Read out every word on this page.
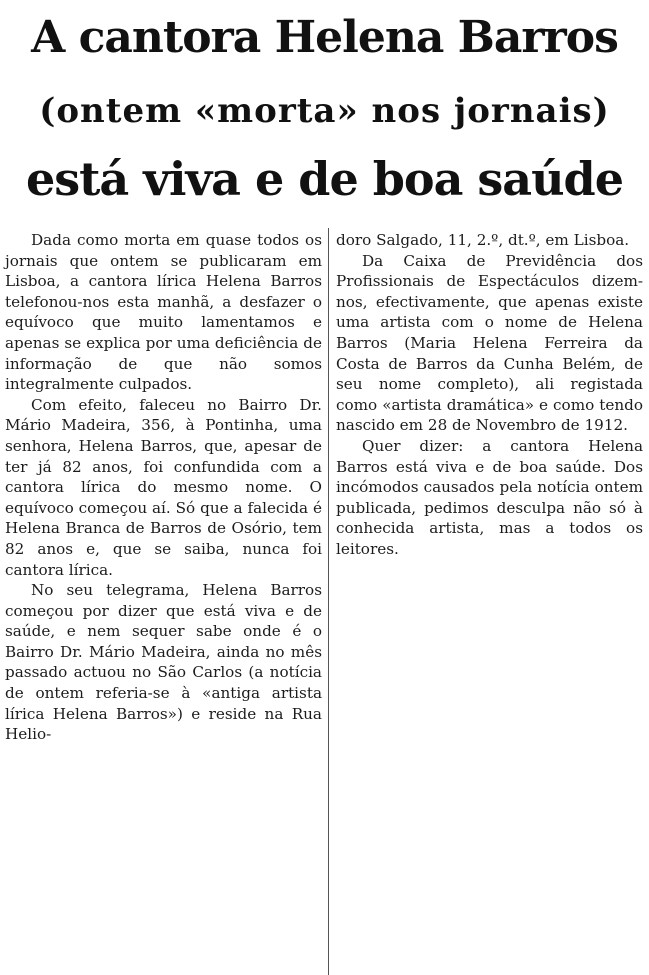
A cantora Helena Barros
(ontem «morta» nos jornais)
está viva e de boa saúde

Dada como morta em quase todos os jornais que ontem se publicaram em Lisboa, a cantora lírica Helena Barros telefonou-nos esta manhã, a desfazer o equívoco que muito lamentamos e apenas se explica por uma deficiência de informação de que não somos integralmente culpados.

Com efeito, faleceu no Bairro Dr. Mário Madeira, 356, à Pontinha, uma senhora, Helena Barros, que, apesar de ter já 82 anos, foi confundida com a cantora lírica do mesmo nome. O equívoco começou aí. Só que a falecida é Helena Branca de Barros de Osório, tem 82 anos e, que se saiba, nunca foi cantora lírica.

No seu telegrama, Helena Barros começou por dizer que está viva e de saúde, e nem sequer sabe onde é o Bairro Dr. Mário Madeira, ainda no mês passado actuou no São Carlos (a notícia de ontem referia-se à «antiga artista lírica Helena Barros») e reside na Rua Helio-

doro Salgado, 11, 2.º, dt.º, em Lisboa.

Da Caixa de Previdência dos Profissionais de Espectáculos dizem-nos, efectivamente, que apenas existe uma artista com o nome de Helena Barros (Maria Helena Ferreira da Costa de Barros da Cunha Belém, de seu nome completo), ali registada como «artista dramática» e como tendo nascido em 28 de Novembro de 1912.

Quer dizer: a cantora Helena Barros está viva e de boa saúde. Dos incómodos causados pela notícia ontem publicada, pedimos desculpa não só à conhecida artista, mas a todos os leitores.
